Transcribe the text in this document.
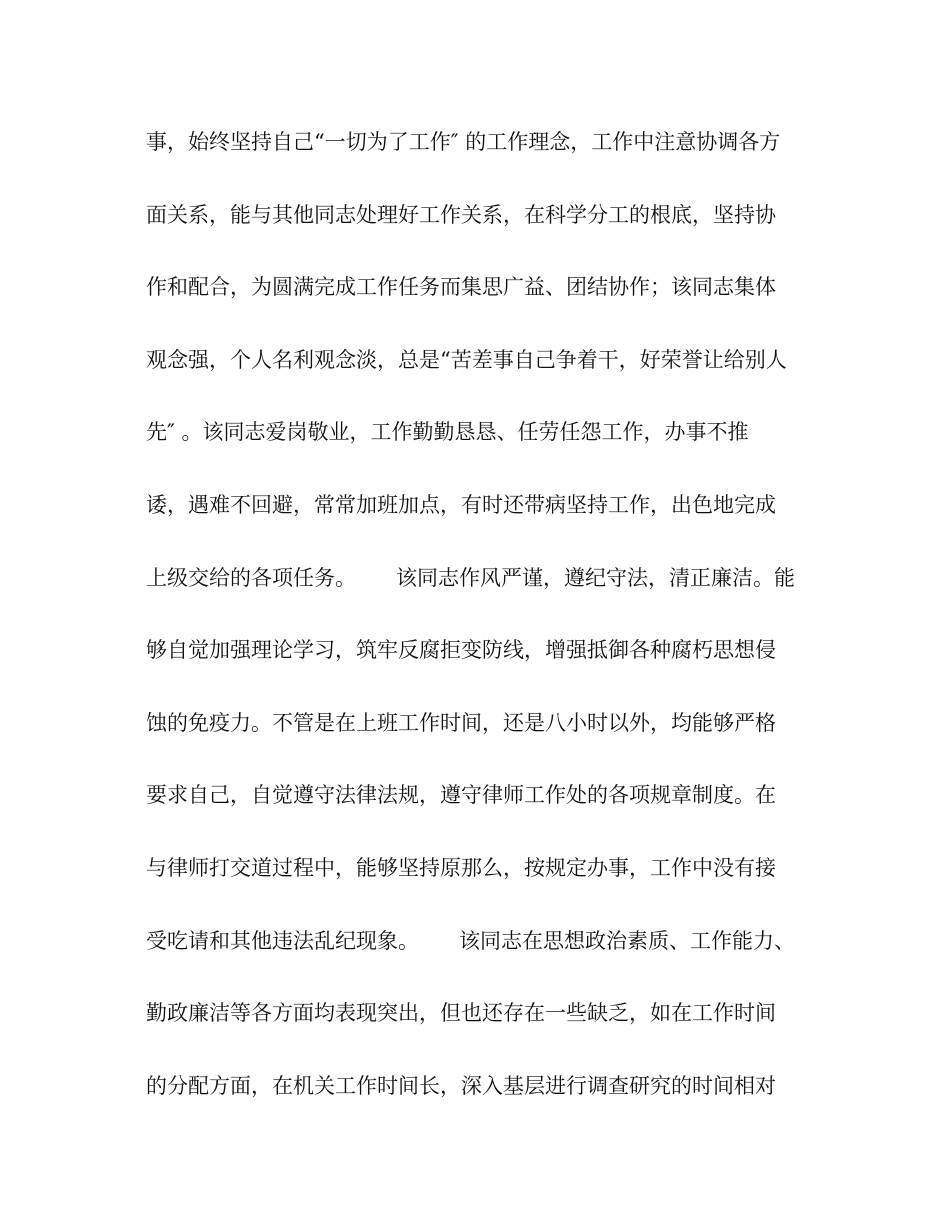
事，始终坚持自己“一切为了工作″ 的工作理念，工作中注意协调各方
面关系，能与其他同志处理好工作关系，在科学分工的根底，坚持协
作和配合，为圆满完成工作任务而集思广益、团结协作；该同志集体
观念强，个人名利观念淡，总是“苦差事自己争着干，好荣誉让给别人
先″ 。该同志爱岗敬业，工作勤勤恳恳、任劳任怨工作，办事不推
诿，遇难不回避，常常加班加点，有时还带病坚持工作，出色地完成
上级交给的各项任务。      该同志作风严谨，遵纪守法，清正廉洁。能
够自觉加强理论学习，筑牢反腐拒变防线，增强抵御各种腐朽思想侵
蚀的免疫力。不管是在上班工作时间，还是八小时以外，均能够严格
要求自己，自觉遵守法律法规，遵守律师工作处的各项规章制度。在
与律师打交道过程中，能够坚持原那么，按规定办事，工作中没有接
受吃请和其他违法乱纪现象。      该同志在思想政治素质、工作能力、
勤政廉洁等各方面均表现突出，但也还存在一些缺乏，如在工作时间
的分配方面，在机关工作时间长，深入基层进行调查研究的时间相对
